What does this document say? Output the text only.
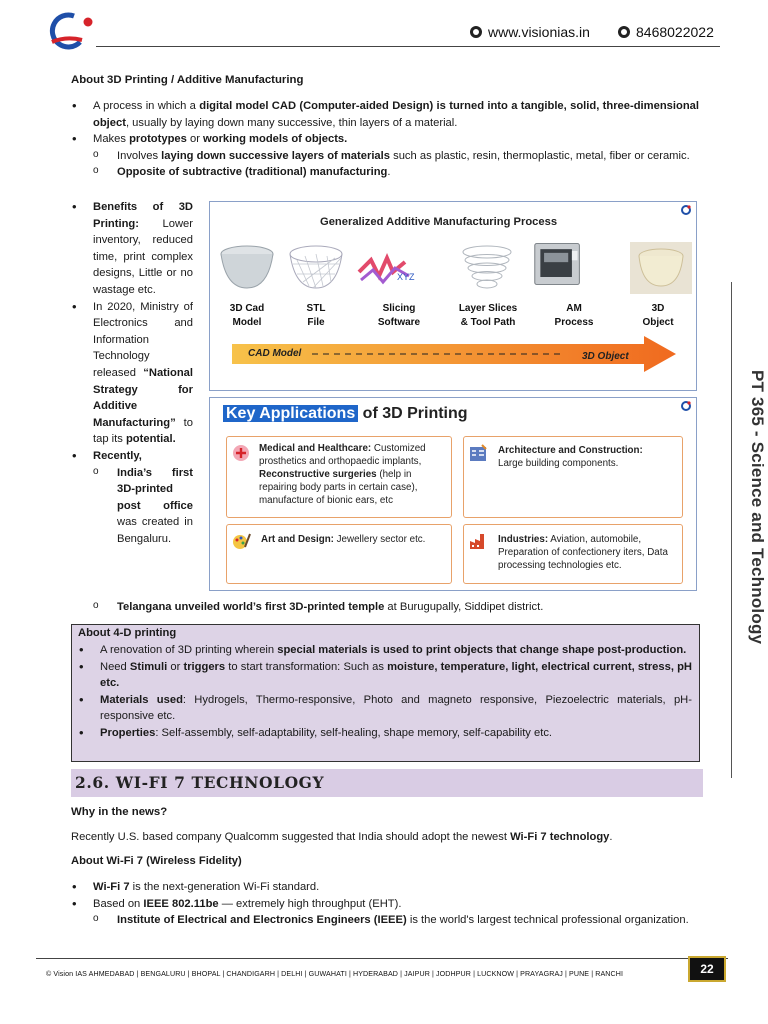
www.visionias.in	8468022022
PT 365 - Science and Technology
About 3D Printing / Additive Manufacturing
• A process in which a digital model CAD (Computer-aided Design) is turned into a tangible, solid, three-dimensional object, usually by laying down many successive, thin layers of a material.
• Makes prototypes or working models of objects.
o Involves laying down successive layers of materials such as plastic, resin, thermoplastic, metal, fiber or ceramic.
o Opposite of subtractive (traditional) manufacturing.
• Benefits of 3D Printing: Lower inventory, reduced time, print complex designs, Little or no wastage etc.
• In 2020, Ministry of Electronics and Information Technology released “National Strategy for Additive Manufacturing” to tap its potential.
• Recently,
o India’s first 3D-printed post office was created in Bengaluru.
o Telangana unveiled world’s first 3D-printed temple at Burugupally, Siddipet district.
Generalized Additive Manufacturing Process
XYZ
3D Cad
Model
STL
File
Slicing
Software
Layer Slices
& Tool Path
AM
Process
3D
Object
CAD Model	3D Object
Key Applications of 3D Printing
Medical and Healthcare: Customized prosthetics and orthopaedic implants, Reconstructive surgeries (help in repairing body parts in certain case), manufacture of bionic ears, etc
Architecture and Construction:
Large building components.
Art and Design: Jewellery sector etc.	Industries: Aviation, automobile, Preparation of confectionery iters, Data processing technologies etc.
About 4-D printing
• A renovation of 3D printing wherein special materials is used to print objects that change shape post-production.
• Need Stimuli or triggers to start transformation: Such as moisture, temperature, light, electrical current, stress, pH etc.
• Materials used: Hydrogels, Thermo-responsive, Photo and magneto responsive, Piezoelectric materials, pH-responsive etc.
• Properties: Self-assembly, self-adaptability, self-healing, shape memory, self-capability etc.
2.6. WI-FI 7 TECHNOLOGY
Why in the news?
Recently U.S. based company Qualcomm suggested that India should adopt the newest Wi-Fi 7 technology.
About Wi-Fi 7 (Wireless Fidelity)
• Wi-Fi 7 is the next-generation Wi-Fi standard.
• Based on IEEE 802.11be — extremely high throughput (EHT).
o Institute of Electrical and Electronics Engineers (IEEE) is the world's largest technical professional organization.
© Vision IAS AHMEDABAD | BENGALURU | BHOPAL | CHANDIGARH | DELHI | GUWAHATI | HYDERABAD | JAIPUR | JODHPUR | LUCKNOW | PRAYAGRAJ | PUNE | RANCHI	22
